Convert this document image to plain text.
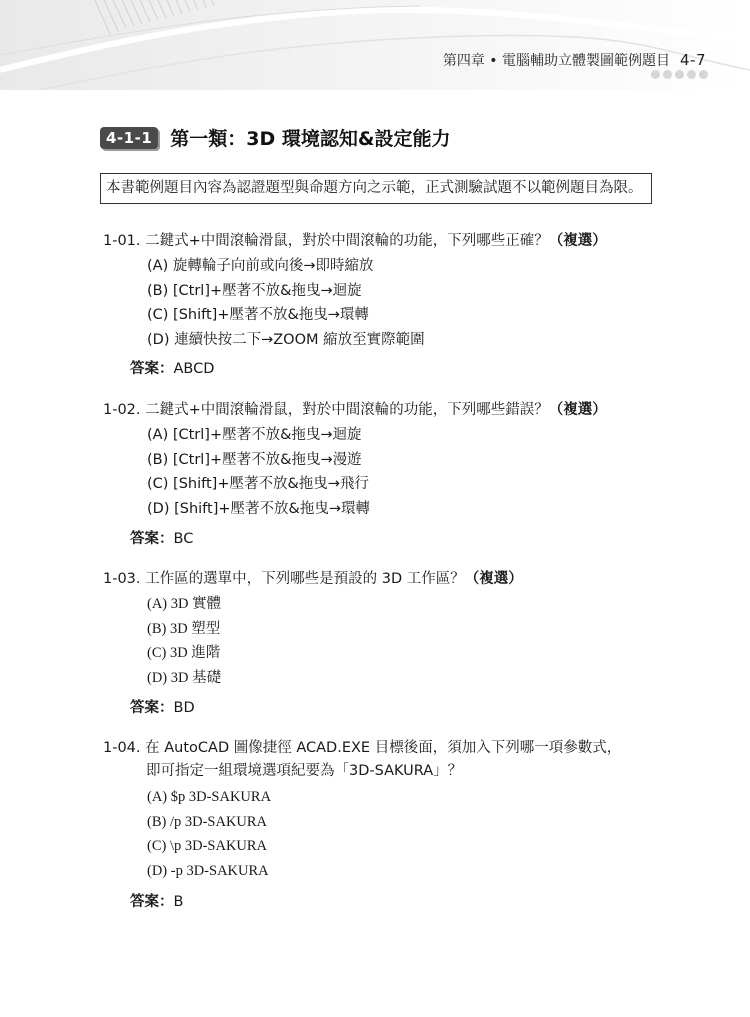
第四章 • 電腦輔助立體製圖範例題目 4-7
4-1-1 第一類：3D 環境認知&設定能力
本書範例題目內容為認證題型與命題方向之示範，正式測驗試題不以範例題目為限。
1-01. 二鍵式+中間滾輪滑鼠，對於中間滾輪的功能，下列哪些正確？（複選）
(A) 旋轉輪子向前或向後→即時縮放
(B) [Ctrl]+壓著不放&拖曳→迴旋
(C) [Shift]+壓著不放&拖曳→環轉
(D) 連續快按二下→ZOOM 縮放至實際範圍
答案：ABCD
1-02. 二鍵式+中間滾輪滑鼠，對於中間滾輪的功能，下列哪些錯誤？（複選）
(A) [Ctrl]+壓著不放&拖曳→迴旋
(B) [Ctrl]+壓著不放&拖曳→漫遊
(C) [Shift]+壓著不放&拖曳→飛行
(D) [Shift]+壓著不放&拖曳→環轉
答案：BC
1-03. 工作區的選單中，下列哪些是預設的 3D 工作區？（複選）
(A) 3D 實體
(B) 3D 塑型
(C) 3D 進階
(D) 3D 基礎
答案：BD
1-04. 在 AutoCAD 圖像捷徑 ACAD.EXE 目標後面，須加入下列哪一項參數式，
即可指定一組環境選項紀要為「3D-SAKURA」？
(A) $p 3D-SAKURA
(B) /p 3D-SAKURA
(C) \p 3D-SAKURA
(D) -p 3D-SAKURA
答案：B
